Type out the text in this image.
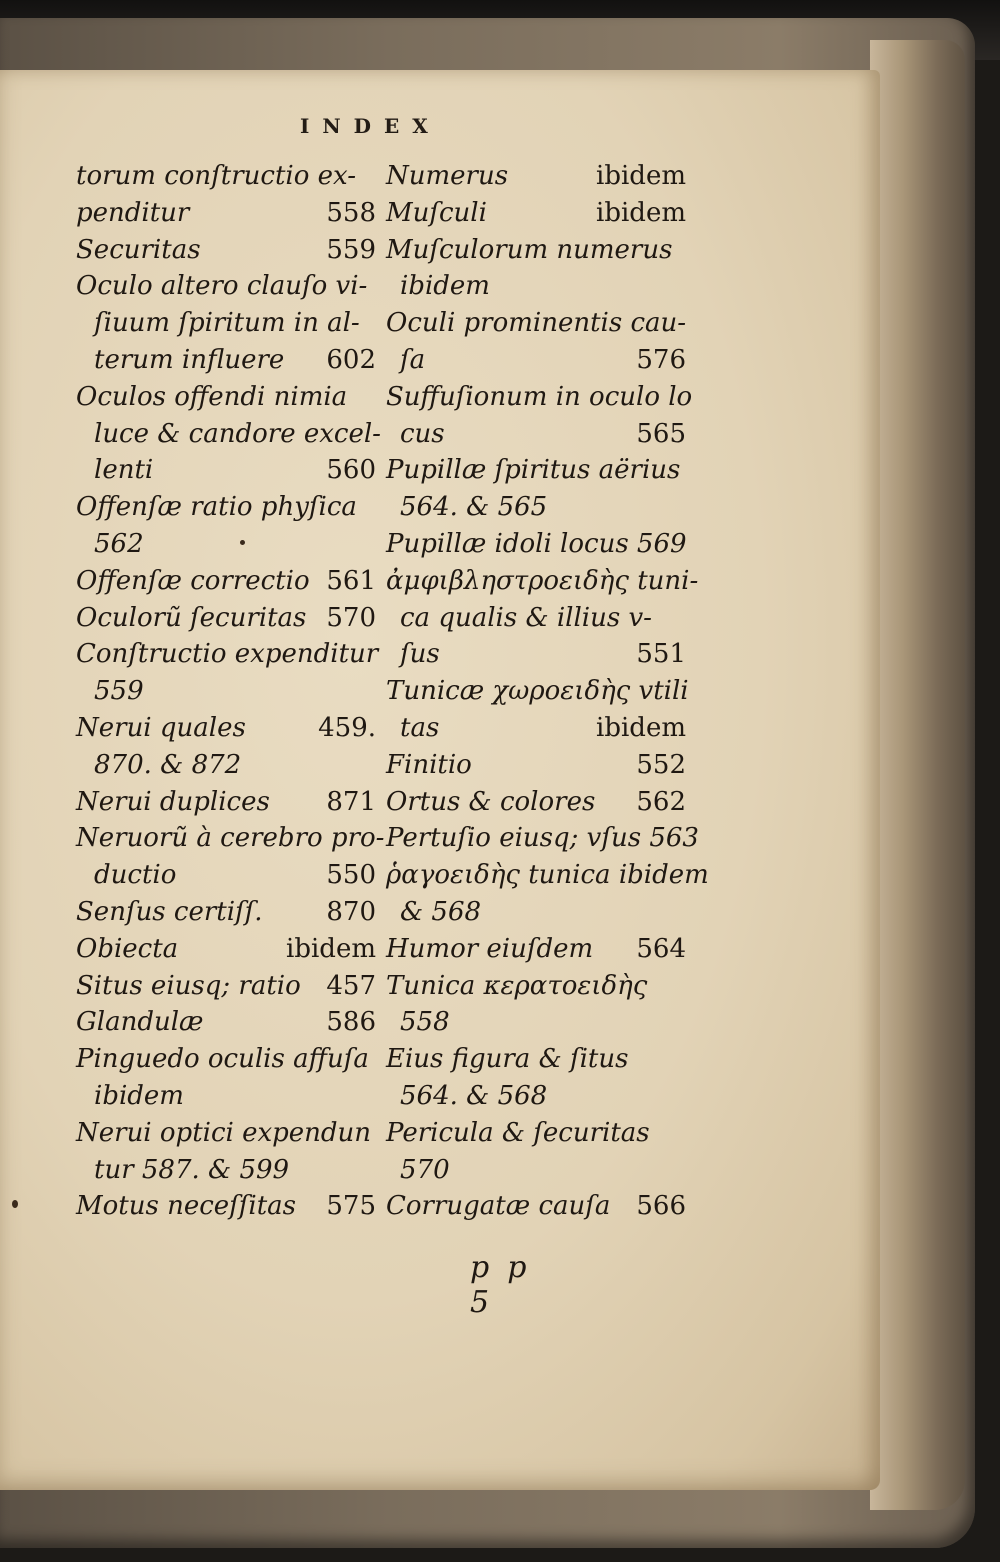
INDEX
torum conſtructio ex-
penditur	558
Securitas	559
Oculo altero clauſo vi-
ſiuum ſpiritum in al-
terum influere 602
Oculos offendi nimia
luce & candore excel-
lenti	560
Offenſæ ratio phyſica
562
Offenſæ correctio 561
Oculorũ ſecuritas 570
Conſtructio expenditur
559
Nerui quales	459.
870. & 872
Nerui duplices 871
Neruorũ à cerebro pro-
ductio	550
Senſus certiſſ. 870
Obiecta	ibidem
Situs eiusq; ratio 457
Glandulæ	586
Pinguedo oculis affuſa
ibidem
Nerui optici expendun
tur 587. & 599
Motus neceſſitas 575
Numerus	ibidem
Muſculi	ibidem
Muſculorum numerus
ibidem
Oculi prominentis cau-
ſa	576
Suffuſionum in oculo lo
cus	565
Pupillæ ſpiritus aërius
564. & 565
Pupillæ idoli locus 569
ἀμφιβληστροειδὴς tuni-
ca qualis & illius v-
ſus	551
Tunicæ χωροειδὴς vtili
tas	ibidem
Finitio	552
Ortus & colores 562
Pertuſio eiusq; vſus 563
ῥαγοειδὴς tunica ibidem
& 568
Humor eiuſdem 564
Tunica κερατοειδὴς
558
Eius figura & ſitus
564. & 568
Pericula & ſecuritas
570
Corrugatæ cauſa 566
pp 5
